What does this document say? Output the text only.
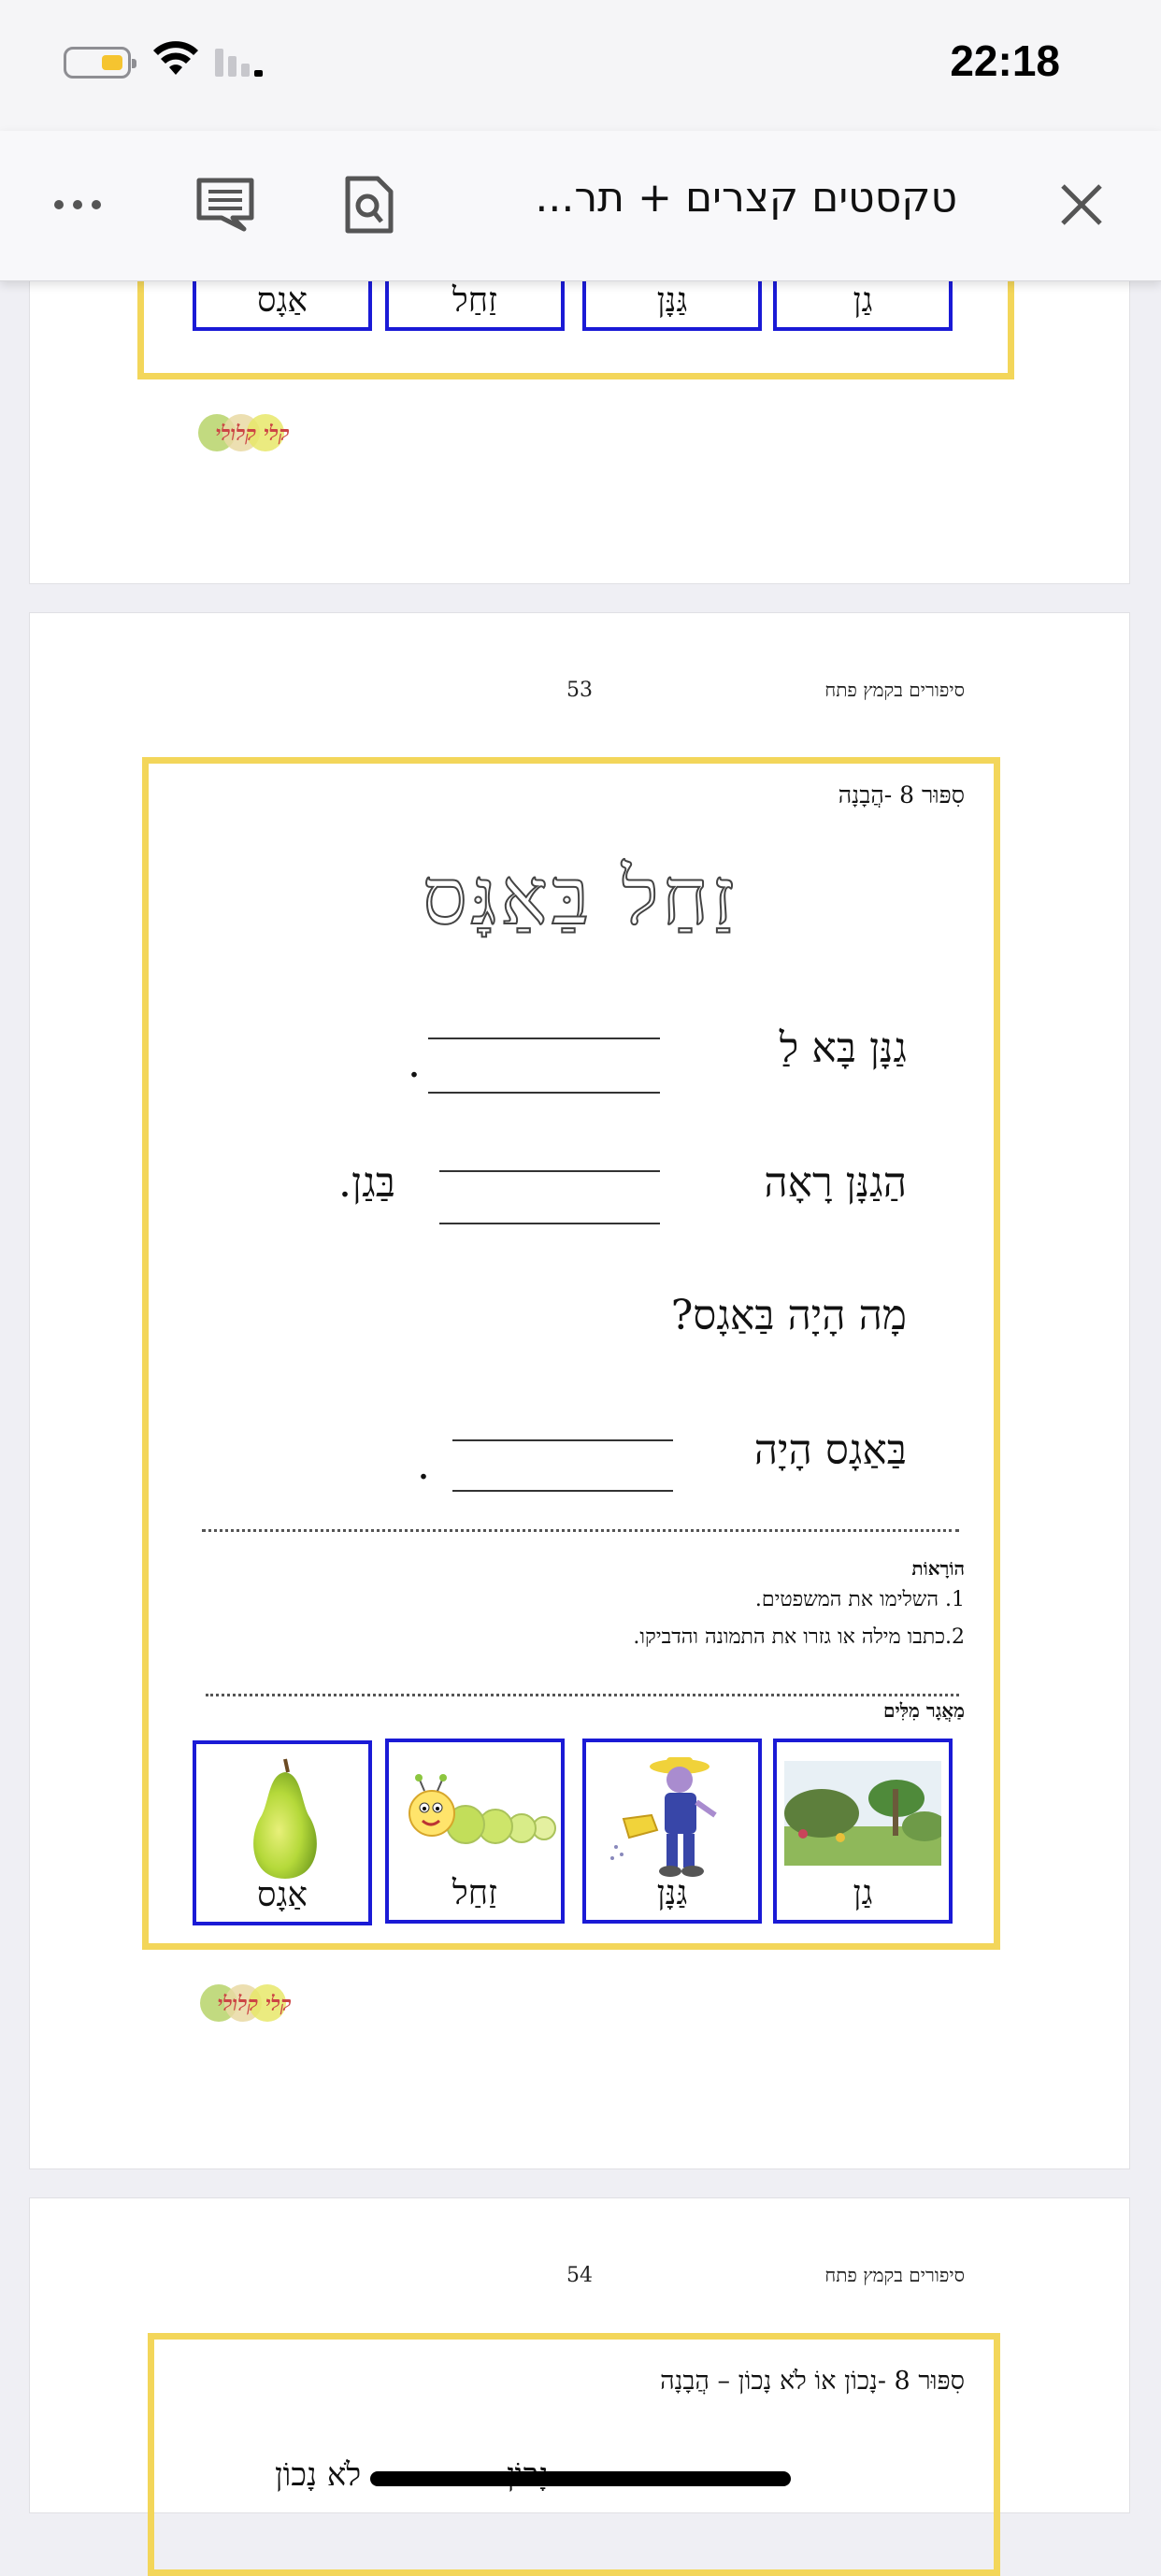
22:18
טקסטים קצרים + תר...
אַגָס	זַחַל	גַּנָּן	גַן
קלי קלולי
53	סיפורים בקמץ פתח
סִפּוּר 8 -הֲבָנָה
זַחַל בַּאַגָּס
גַנָּן בָּא לַ
.
הַגַנָּן רָאָה
בַּגַן.
מָה הָיָה בַּאַגָס?
בַּאַגָס הָיָה
.
הוֹרָאוֹת
1. השלימו את המשפטים.
2.כתבו מילה או גזרו את התמונה והדביקו.
מַאֲגָר מִלִּים
אַגָס	זַחַל	גַּנָּן	גַן
קלי קלולי
54	סיפורים בקמץ פתח
סִפּוּר 8 -נָכוֹן אוֹ לֹא נָכוֹן – הֲבָנָה
לֹא נָכוֹן
